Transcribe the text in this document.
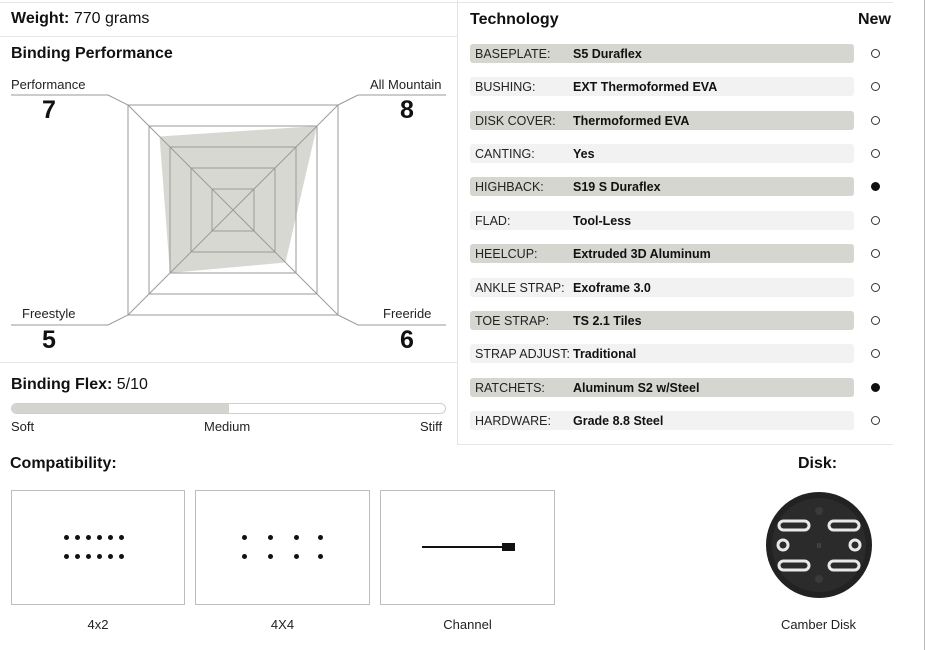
Weight: 770 grams
Binding Performance
Performance
7
All Mountain
8
Freestyle
5
Freeride
6
Binding Flex: 5/10
Soft	Medium	Stiff
Technology	New
BASEPLATE: S5 Duraflex
BUSHING:	EXT Thermoformed EVA
DISK COVER: Thermoformed EVA
CANTING:	Yes
HIGHBACK: S19 S Duraflex
FLAD:	Tool-Less
HEELCUP:	Extruded 3D Aluminum
ANKLE STRAP: Exoframe 3.0
TOE STRAP: TS 2.1 Tiles
STRAP ADJUST: Traditional
RATCHETS: Aluminum S2 w/Steel
HARDWARE: Grade 8.8 Steel
Compatibility:	Disk:
4x2	4X4	Channel
II
Camber Disk
